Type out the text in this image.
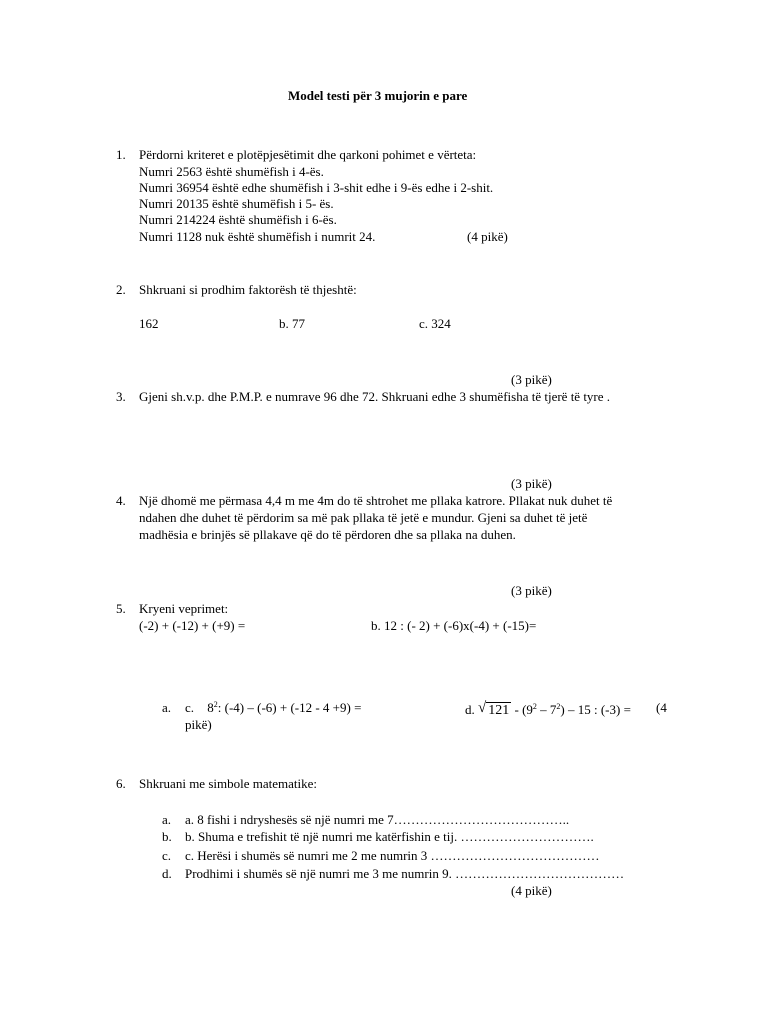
Model testi për 3 mujorin e pare
1. Përdorni kriteret e plotëpjesëtimit dhe qarkoni pohimet e vërteta:
Numri 2563 është shumëfish i 4-ës.
Numri 36954 është edhe shumëfish i 3-shit edhe i 9-ës edhe i 2-shit.
Numri 20135 është shumëfish i 5- ës.
Numri 214224 është shumëfish i 6-ës.
Numri 1128 nuk është shumëfish i numrit 24.	(4 pikë)
2. Shkruani si prodhim faktorësh të thjeshtë:
162	b. 77	c. 324
(3 pikë)
3. Gjeni sh.v.p. dhe P.M.P. e numrave 96 dhe 72. Shkruani edhe 3 shumëfisha të tjerë të tyre .
(3 pikë)
4. Një dhomë me përmasa 4,4 m me 4m do të shtrohet me pllaka katrore. Pllakat nuk duhet të
ndahen dhe duhet të përdorim sa më pak pllaka të jetë e mundur. Gjeni sa duhet të jetë
madhësia e brinjës së pllakave që do të përdoren dhe sa pllaka na duhen.
(3 pikë)
5. Kryeni veprimet:
(-2) + (-12) + (+9) =	b. 12 : (- 2) + (-6)x(-4) + (-15)=
a. c. $8^2$: (-4) – (-6) + (-12 - 4 +9) =	d. √ $121 - (9^2 - 7^2) - 15$ : (-3) = (4
pikë)
6. Shkruani me simbole matematike:
a. a. 8 fishi i ndryshesës së një numri me 7…………………………………..
b. b. Shuma e trefishit të një numri me katërfishin e tij. ………………………….
c. c. Herësi i shumës së numri me 2 me numrin 3 …………………………………
d. Prodhimi i shumës së një numri me 3 me numrin 9. …………………………………
(4 pikë)
